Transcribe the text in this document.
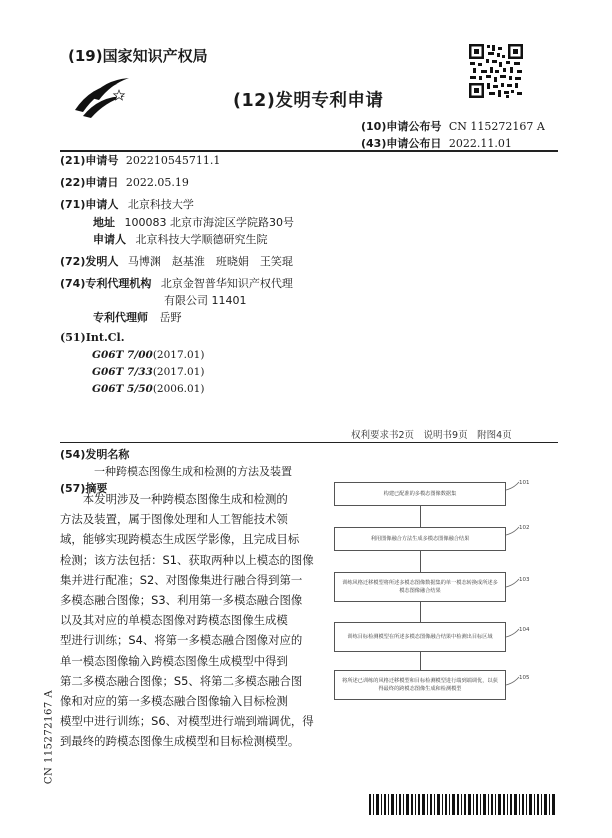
(19)国家知识产权局
(12)发明专利申请
(10)申请公布号 CN 115272167 A
(43)申请公布日 2022.11.01
(21)申请号 202210545711.1
(22)申请日 2022.05.19
(71)申请人 北京科技大学
地址 100083 北京市海淀区学院路30号
申请人 北京科技大学顺德研究生院
(72)发明人 马博渊　赵基淮　班晓娟　王笑琨
(74)专利代理机构 北京金智普华知识产权代理
有限公司 11401
专利代理师 岳野
(51)Int.Cl.
G06T 7/00(2017.01)
G06T 7/33(2017.01)
G06T 5/50(2006.01)
权利要求书2页　说明书9页　附图4页
(54)发明名称
一种跨模态图像生成和检测的方法及装置
(57)摘要
　　本发明涉及一种跨模态图像生成和检测的
方法及装置，属于图像处理和人工智能技术领
域，能够实现跨模态生成医学影像，且完成目标
检测；该方法包括：S1、获取两种以上模态的图像
集并进行配准；S2、对图像集进行融合得到第一
多模态融合图像；S3、利用第一多模态融合图像
以及其对应的单模态图像对跨模态图像生成模
型进行训练；S4、将第一多模态融合图像对应的
单一模态图像输入跨模态图像生成模型中得到
第二多模态融合图像；S5、将第二多模态融合图
像和对应的第一多模态融合图像输入目标检测
模型中进行训练；S6、对模型进行端到端调优，得
到最终的跨模态图像生成模型和目标检测模型。
构建已配准的多模态图像数据集
利用图像融合方法生成多模态图像融合结果
训练风格迁移模型将所述多模态图像数据集的单一模态转换成所述多模态图像融合结果
训练目标检测模型在所述多模态图像融合结果中检测出目标区域
将所述已训练的风格迁移模型和目标检测模型进行端到端调优，以获得最终的跨模态图像生成和检测模型
101
102
103
104
105
CN 115272167 A
